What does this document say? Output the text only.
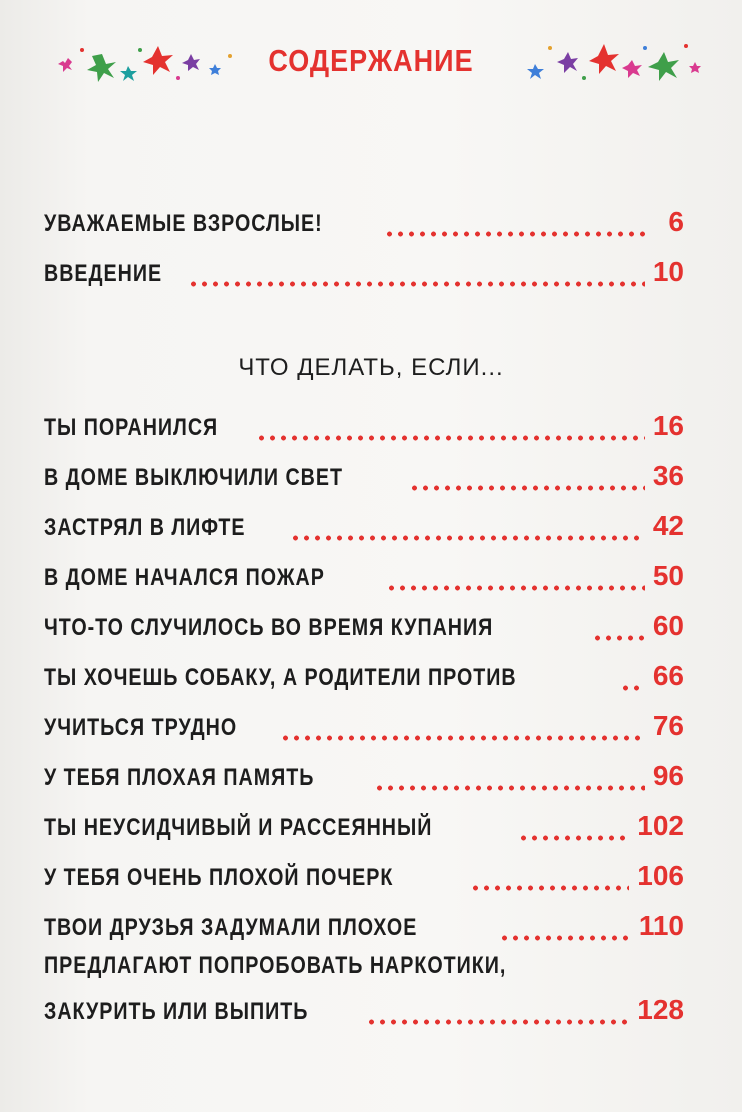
СОДЕРЖАНИЕ
УВАЖАЕМЫЕ ВЗРОСЛЫЕ!	6
ВВЕДЕНИЕ	10
ЧТО ДЕЛАТЬ, ЕСЛИ...
ТЫ ПОРАНИЛСЯ	16
В ДОМЕ ВЫКЛЮЧИЛИ СВЕТ	36
ЗАСТРЯЛ В ЛИФТЕ	42
В ДОМЕ НАЧАЛСЯ ПОЖАР	50
ЧТО-ТО СЛУЧИЛОСЬ ВО ВРЕМЯ КУПАНИЯ	60
ТЫ ХОЧЕШЬ СОБАКУ, А РОДИТЕЛИ ПРОТИВ	66
УЧИТЬСЯ ТРУДНО	76
У ТЕБЯ ПЛОХАЯ ПАМЯТЬ	96
ТЫ НЕУСИДЧИВЫЙ И РАССЕЯННЫЙ	102
У ТЕБЯ ОЧЕНЬ ПЛОХОЙ ПОЧЕРК	106
ТВОИ ДРУЗЬЯ ЗАДУМАЛИ ПЛОХОЕ	110
ПРЕДЛАГАЮТ ПОПРОБОВАТЬ НАРКОТИКИ,
ЗАКУРИТЬ ИЛИ ВЫПИТЬ	128
